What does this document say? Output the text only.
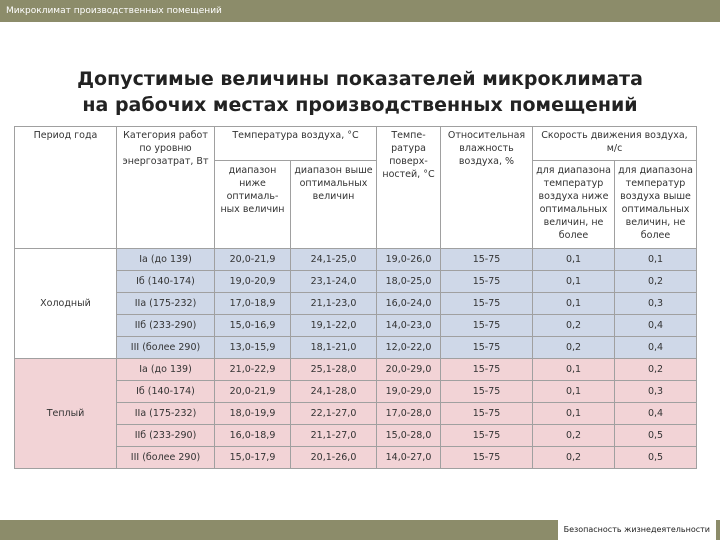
Микроклимат производственных помещений
Допустимые величины показателей микроклимата
на рабочих местах производственных помещений
Период года	Категория работ по уровню энергозатрат, Вт	Температура воздуха, °С		Темпе-ратура поверх-ностей, °С	Относительная влажность воздуха, %	Скорость движения воздуха, м/с	
		диапазон ниже оптималь-ных величин	диапазон выше оптимальных величин			для диапазона температур воздуха ниже оптимальных величин, не более	для диапазона температур воздуха выше оптимальных величин, не более
Холодный	Iа (до 139)	20,0-21,9	24,1-25,0	19,0-26,0	15-75	0,1	0,1
	Iб (140-174)	19,0-20,9	23,1-24,0	18,0-25,0	15-75	0,1	0,2
	IIа (175-232)	17,0-18,9	21,1-23,0	16,0-24,0	15-75	0,1	0,3
	IIб (233-290)	15,0-16,9	19,1-22,0	14,0-23,0	15-75	0,2	0,4
	III (более 290)	13,0-15,9	18,1-21,0	12,0-22,0	15-75	0,2	0,4
Теплый	Iа (до 139)	21,0-22,9	25,1-28,0	20,0-29,0	15-75	0,1	0,2
	Iб (140-174)	20,0-21,9	24,1-28,0	19,0-29,0	15-75	0,1	0,3
	IIа (175-232)	18,0-19,9	22,1-27,0	17,0-28,0	15-75	0,1	0,4
	IIб (233-290)	16,0-18,9	21,1-27,0	15,0-28,0	15-75	0,2	0,5
	III (более 290)	15,0-17,9	20,1-26,0	14,0-27,0	15-75	0,2	0,5
Безопасность жизнедеятельности
